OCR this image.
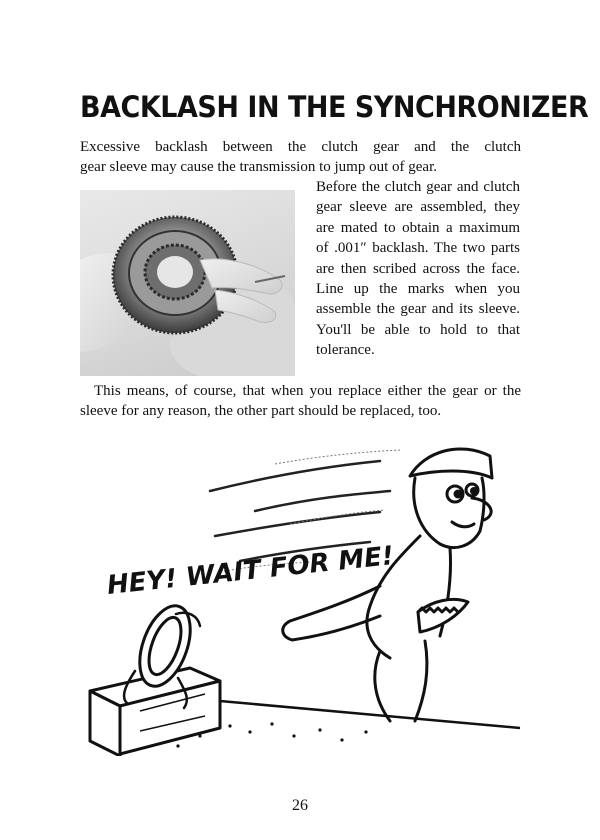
BACKLASH IN THE SYNCHRONIZER

Excessive backlash between the clutch gear and the clutch
gear sleeve may cause the transmission to jump out of gear.

Before the clutch gear and clutch gear sleeve are assembled, they are mated to obtain a maximum of .001″ backlash. The two parts are then scribed across the face. Line up the marks when you assemble the gear and its sleeve. You'll be able to hold to that tolerance.

This means, of course, that when you replace either the gear or the sleeve for any reason, the other part should be replaced, too.

HEY! WAIT FOR ME!
26
